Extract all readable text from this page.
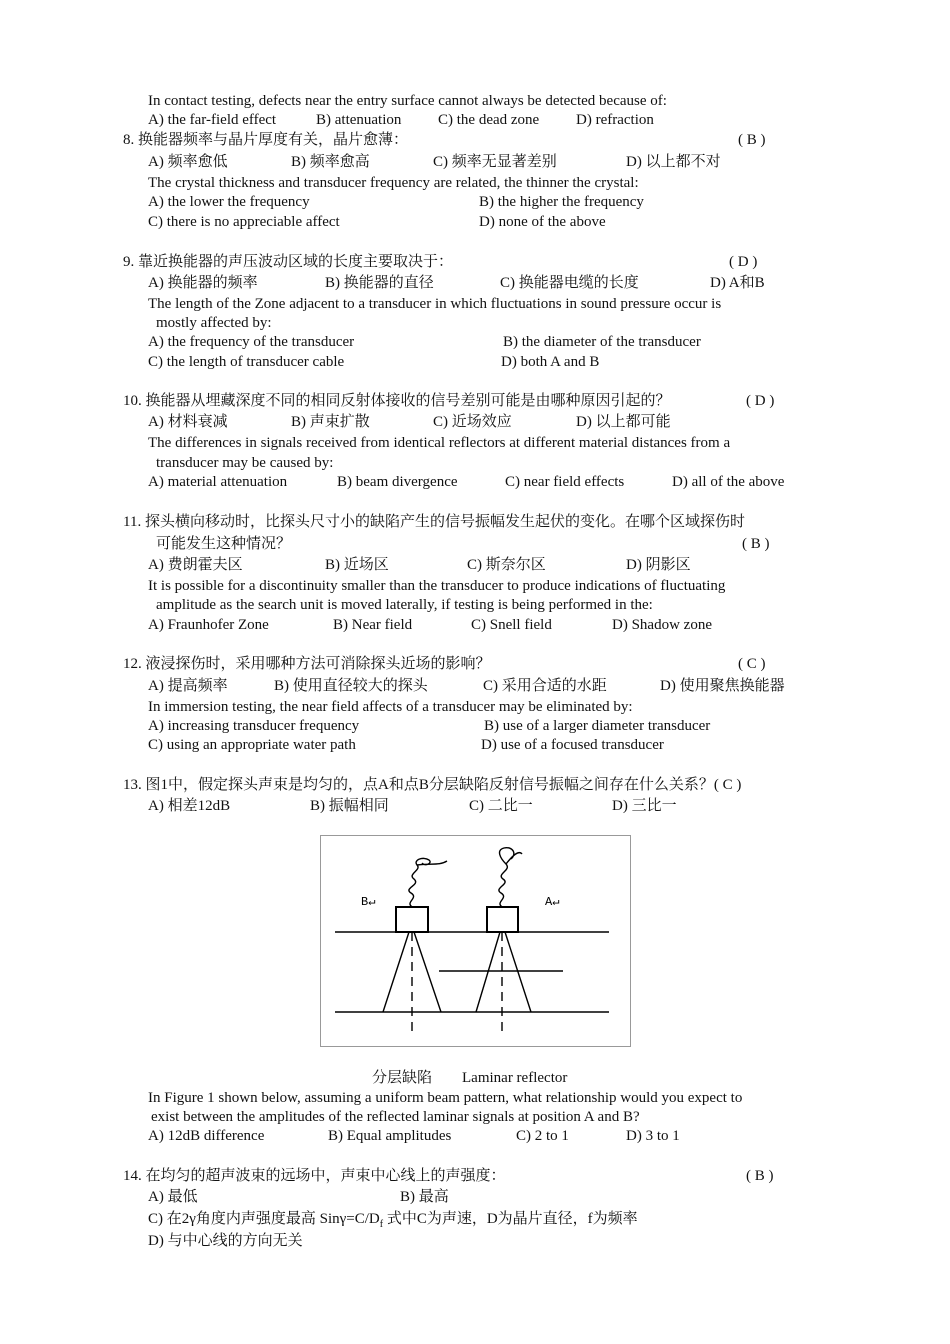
In contact testing, defects near the entry surface cannot always be detected because of:
A) the far-field effect	B) attenuation C) the dead zone D) refraction
8. 换能器频率与晶片厚度有关，晶片愈薄：	( B )
A) 频率愈低	B) 频率愈高	C) 频率无显著差别	D) 以上都不对
The crystal thickness and transducer frequency are related, the thinner the crystal:
A) the lower the frequency	B) the higher the frequency
C) there is no appreciable affect	D) none of the above
9. 靠近换能器的声压波动区域的长度主要取决于：	( D )
A) 换能器的频率	B) 换能器的直径	C) 换能器电缆的长度	D) A和B
The length of the Zone adjacent to a transducer in which fluctuations in sound pressure occur is
mostly affected by:
A) the frequency of the transducer	B) the diameter of the transducer
C) the length of transducer cable	D) both A and B
10. 换能器从埋藏深度不同的相同反射体接收的信号差别可能是由哪种原因引起的？	( D )
A) 材料衰减	B) 声束扩散	C) 近场效应	D) 以上都可能
The differences in signals received from identical reflectors at different material distances from a
transducer may be caused by:
A) material attenuation	B) beam divergence	C) near field effects	D) all of the above
11. 探头横向移动时，比探头尺寸小的缺陷产生的信号振幅发生起伏的变化。在哪个区域探伤时
可能发生这种情况？	( B )
A) 费朗霍夫区	B) 近场区	C) 斯奈尔区	D) 阴影区
It is possible for a discontinuity smaller than the transducer to produce indications of fluctuating
amplitude as the search unit is moved laterally, if testing is being performed in the:
A) Fraunhofer Zone	B) Near field	C) Snell field	D) Shadow zone
12. 液浸探伤时，采用哪种方法可消除探头近场的影响？	( C )
A) 提高频率	B) 使用直径较大的探头	C) 采用合适的水距	D) 使用聚焦换能器
In immersion testing, the near field affects of a transducer may be eliminated by:
A) increasing transducer frequency	B) use of a larger diameter transducer
C) using an appropriate water path	D) use of a focused transducer
13. 图1中，假定探头声束是均匀的，点A和点B分层缺陷反射信号振幅之间存在什么关系？( C )
A) 相差12dB	B) 振幅相同	C) 二比一	D) 三比一
B↵	A↵
分层缺陷 Laminar reflector
In Figure 1 shown below, assuming a uniform beam pattern, what relationship would you expect to
exist between the amplitudes of the reflected laminar signals at position A and B?
A) 12dB difference	B) Equal amplitudes	C) 2 to 1	D) 3 to 1
14. 在均匀的超声波束的远场中，声束中心线上的声强度：	( B )
A) 最低	B) 最高
C) 在2γ角度内声强度最高 $Sin\gamma=C/D_f$ 式中C为声速，D为晶片直径，f为频率
D) 与中心线的方向无关
